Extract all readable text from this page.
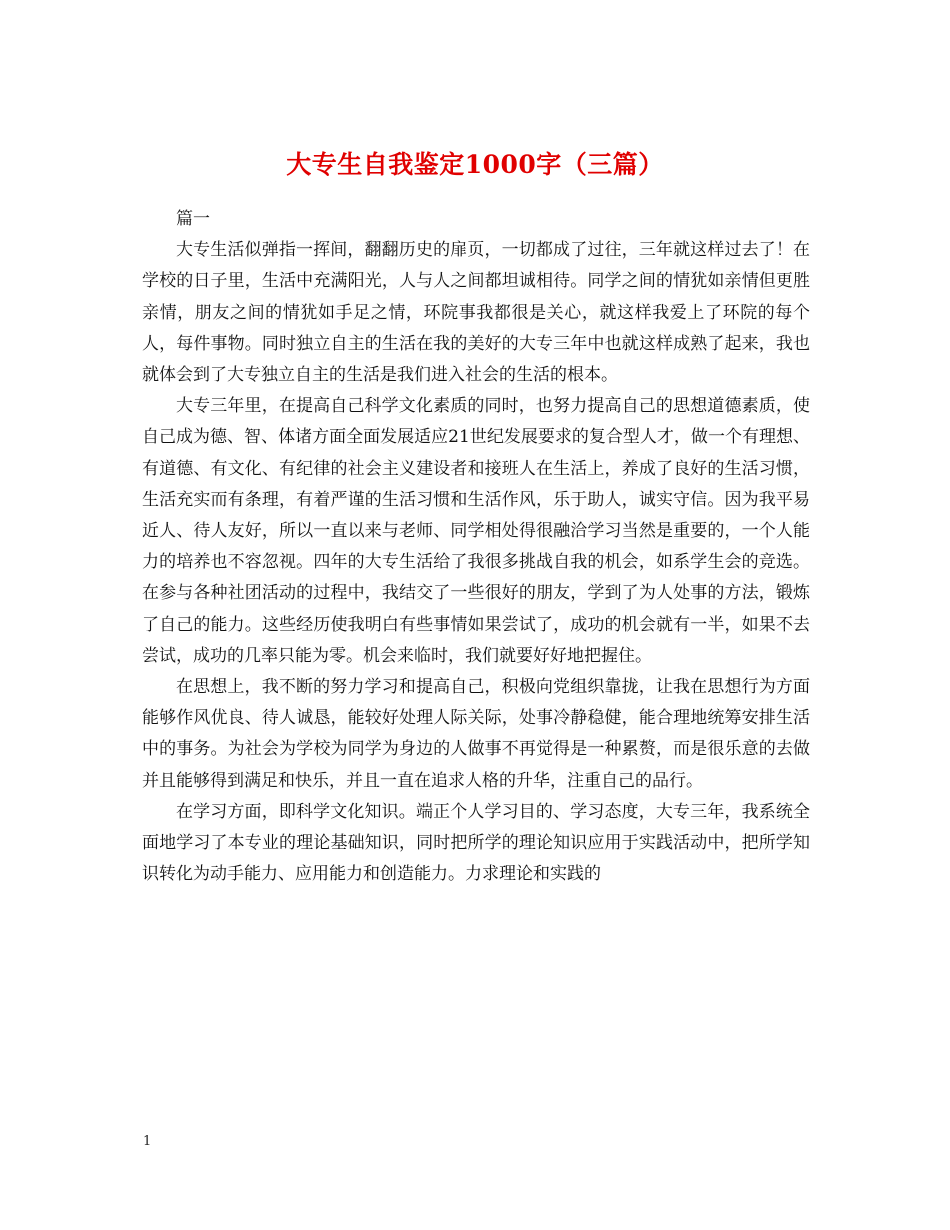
大专生自我鉴定1000字（三篇）

篇一

大专生活似弹指一挥间，翻翻历史的扉页，一切都成了过往，三年就这样过去了！在学校的日子里，生活中充满阳光，人与人之间都坦诚相待。同学之间的情犹如亲情但更胜亲情，朋友之间的情犹如手足之情，环院事我都很是关心，就这样我爱上了环院的每个人，每件事物。同时独立自主的生活在我的美好的大专三年中也就这样成熟了起来，我也就体会到了大专独立自主的生活是我们进入社会的生活的根本。

大专三年里，在提高自己科学文化素质的同时，也努力提高自己的思想道德素质，使自己成为德、智、体诸方面全面发展适应21世纪发展要求的复合型人才，做一个有理想、有道德、有文化、有纪律的社会主义建设者和接班人在生活上，养成了良好的生活习惯，生活充实而有条理，有着严谨的生活习惯和生活作风，乐于助人，诚实守信。因为我平易近人、待人友好，所以一直以来与老师、同学相处得很融洽学习当然是重要的，一个人能力的培养也不容忽视。四年的大专生活给了我很多挑战自我的机会，如系学生会的竞选。在参与各种社团活动的过程中，我结交了一些很好的朋友，学到了为人处事的方法，锻炼了自己的能力。这些经历使我明白有些事情如果尝试了，成功的机会就有一半，如果不去尝试，成功的几率只能为零。机会来临时，我们就要好好地把握住。

在思想上，我不断的努力学习和提高自己，积极向党组织靠拢，让我在思想行为方面能够作风优良、待人诚恳，能较好处理人际关际，处事冷静稳健，能合理地统筹安排生活中的事务。为社会为学校为同学为身边的人做事不再觉得是一种累赘，而是很乐意的去做并且能够得到满足和快乐，并且一直在追求人格的升华，注重自己的品行。

在学习方面，即科学文化知识。端正个人学习目的、学习态度，大专三年，我系统全面地学习了本专业的理论基础知识，同时把所学的理论知识应用于实践活动中，把所学知识转化为动手能力、应用能力和创造能力。力求理论和实践的

1
